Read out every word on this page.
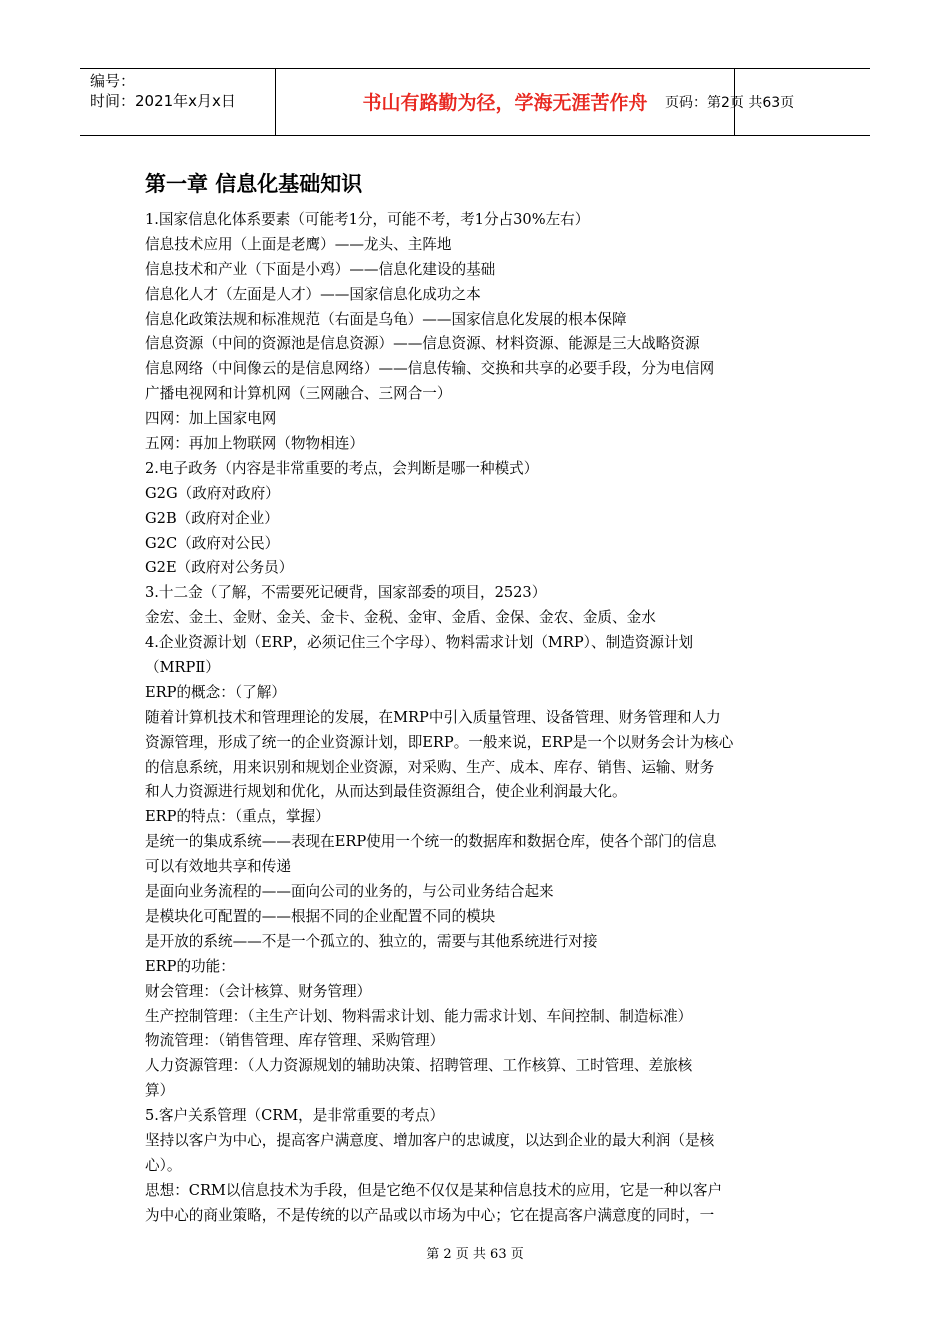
编号：
时间：2021年x月x日	书山有路勤为径，学海无涯苦作舟	页码：第2页 共63页
第一章 信息化基础知识
1.国家信息化体系要素（可能考1分，可能不考，考1分占30%左右）
信息技术应用（上面是老鹰）——龙头、主阵地
信息技术和产业（下面是小鸡）——信息化建设的基础
信息化人才（左面是人才）——国家信息化成功之本
信息化政策法规和标准规范（右面是乌龟）——国家信息化发展的根本保障
信息资源（中间的资源池是信息资源）——信息资源、材料资源、能源是三大战略资源
信息网络（中间像云的是信息网络）——信息传输、交换和共享的必要手段，分为电信网
广播电视网和计算机网（三网融合、三网合一）
四网：加上国家电网
五网：再加上物联网（物物相连）
2.电子政务（内容是非常重要的考点，会判断是哪一种模式）
G2G（政府对政府）
G2B（政府对企业）
G2C（政府对公民）
G2E（政府对公务员）
3.十二金（了解，不需要死记硬背，国家部委的项目，2523）
金宏、金土、金财、金关、金卡、金税、金审、金盾、金保、金农、金质、金水
4.企业资源计划（ERP，必须记住三个字母）、物料需求计划（MRP）、制造资源计划
（MRPⅡ）
ERP的概念：（了解）
随着计算机技术和管理理论的发展，在MRP中引入质量管理、设备管理、财务管理和人力
资源管理，形成了统一的企业资源计划，即ERP。一般来说，ERP是一个以财务会计为核心
的信息系统，用来识别和规划企业资源，对采购、生产、成本、库存、销售、运输、财务
和人力资源进行规划和优化，从而达到最佳资源组合，使企业利润最大化。
ERP的特点：（重点，掌握）
是统一的集成系统——表现在ERP使用一个统一的数据库和数据仓库，使各个部门的信息
可以有效地共享和传递
是面向业务流程的——面向公司的业务的，与公司业务结合起来
是模块化可配置的——根据不同的企业配置不同的模块
是开放的系统——不是一个孤立的、独立的，需要与其他系统进行对接
ERP的功能：
财会管理：（会计核算、财务管理）
生产控制管理：（主生产计划、物料需求计划、能力需求计划、车间控制、制造标准）
物流管理：（销售管理、库存管理、采购管理）
人力资源管理：（人力资源规划的辅助决策、招聘管理、工作核算、工时管理、差旅核
算）
5.客户关系管理（CRM，是非常重要的考点）
坚持以客户为中心，提高客户满意度、增加客户的忠诚度，以达到企业的最大利润（是核
心）。
思想：CRM以信息技术为手段，但是它绝不仅仅是某种信息技术的应用，它是一种以客户
为中心的商业策略，不是传统的以产品或以市场为中心；它在提高客户满意度的同时，一
第 2 页 共 63 页
